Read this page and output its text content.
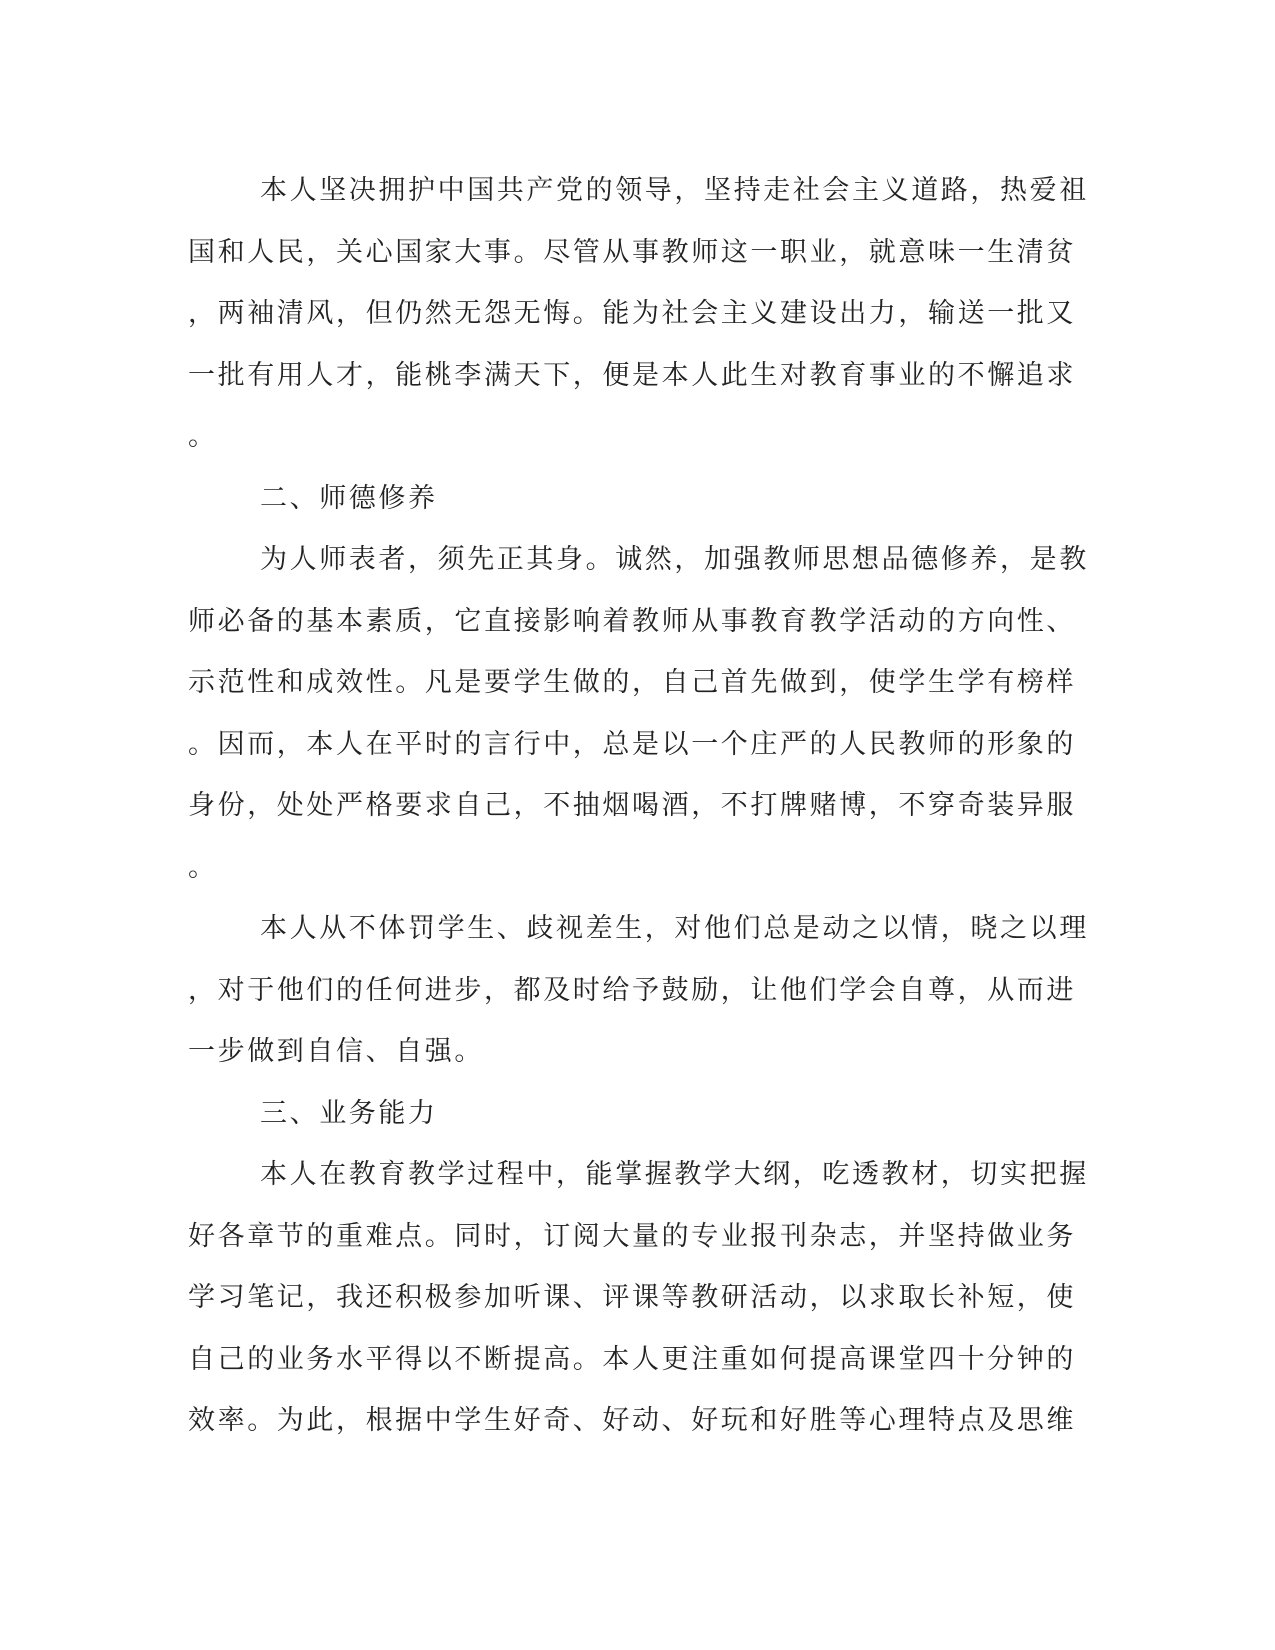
本人坚决拥护中国共产党的领导，坚持走社会主义道路，热爱祖
国和人民，关心国家大事。尽管从事教师这一职业，就意味一生清贫
，两袖清风，但仍然无怨无悔。能为社会主义建设出力，输送一批又
一批有用人才，能桃李满天下，便是本人此生对教育事业的不懈追求
。
二、师德修养
为人师表者，须先正其身。诚然，加强教师思想品德修养，是教
师必备的基本素质，它直接影响着教师从事教育教学活动的方向性、
示范性和成效性。凡是要学生做的，自己首先做到，使学生学有榜样
。因而，本人在平时的言行中，总是以一个庄严的人民教师的形象的
身份，处处严格要求自己，不抽烟喝酒，不打牌赌博，不穿奇装异服
。
本人从不体罚学生、歧视差生，对他们总是动之以情，晓之以理
，对于他们的任何进步，都及时给予鼓励，让他们学会自尊，从而进
一步做到自信、自强。
三、业务能力
本人在教育教学过程中，能掌握教学大纲，吃透教材，切实把握
好各章节的重难点。同时，订阅大量的专业报刊杂志，并坚持做业务
学习笔记，我还积极参加听课、评课等教研活动，以求取长补短，使
自己的业务水平得以不断提高。本人更注重如何提高课堂四十分钟的
效率。为此，根据中学生好奇、好动、好玩和好胜等心理特点及思维
